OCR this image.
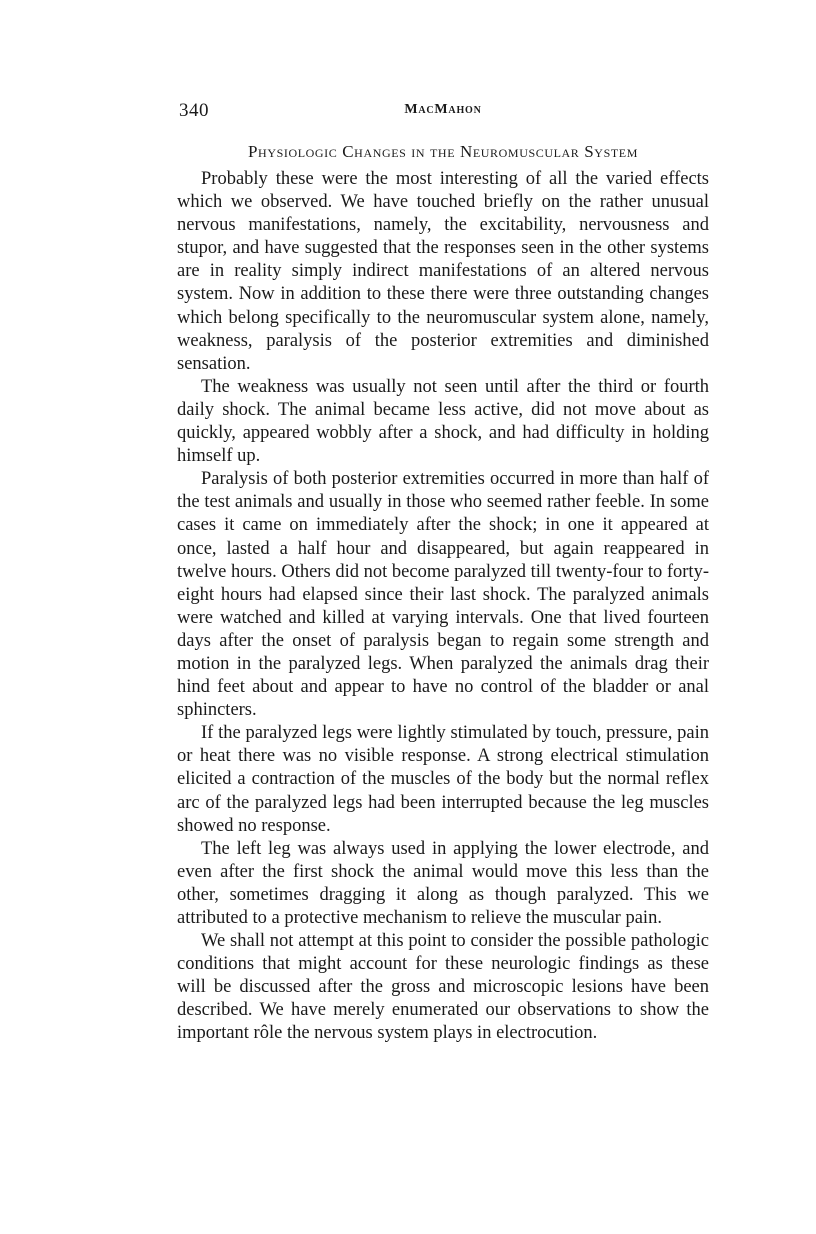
340	MacMahon
Physiologic Changes in the Neuromuscular System

Probably these were the most interesting of all the varied effects which we observed. We have touched briefly on the rather unusual nervous manifestations, namely, the excitability, nervousness and stupor, and have suggested that the responses seen in the other systems are in reality simply indirect manifestations of an altered nervous system. Now in addition to these there were three outstanding changes which belong specifically to the neuromuscular system alone, namely, weakness, paralysis of the posterior extremities and diminished sensation.

The weakness was usually not seen until after the third or fourth daily shock. The animal became less active, did not move about as quickly, appeared wobbly after a shock, and had difficulty in holding himself up.

Paralysis of both posterior extremities occurred in more than half of the test animals and usually in those who seemed rather feeble. In some cases it came on immediately after the shock; in one it appeared at once, lasted a half hour and disappeared, but again reappeared in twelve hours. Others did not become paralyzed till twenty-four to forty-eight hours had elapsed since their last shock. The paralyzed animals were watched and killed at varying intervals. One that lived fourteen days after the onset of paralysis began to regain some strength and motion in the paralyzed legs. When paralyzed the animals drag their hind feet about and appear to have no control of the bladder or anal sphincters.

If the paralyzed legs were lightly stimulated by touch, pressure, pain or heat there was no visible response. A strong electrical stimulation elicited a contraction of the muscles of the body but the normal reflex arc of the paralyzed legs had been interrupted because the leg muscles showed no response.

The left leg was always used in applying the lower electrode, and even after the first shock the animal would move this less than the other, sometimes dragging it along as though paralyzed. This we attributed to a protective mechanism to relieve the muscular pain.

We shall not attempt at this point to consider the possible pathologic conditions that might account for these neurologic findings as these will be discussed after the gross and microscopic lesions have been described. We have merely enumerated our observations to show the important rôle the nervous system plays in electrocution.
